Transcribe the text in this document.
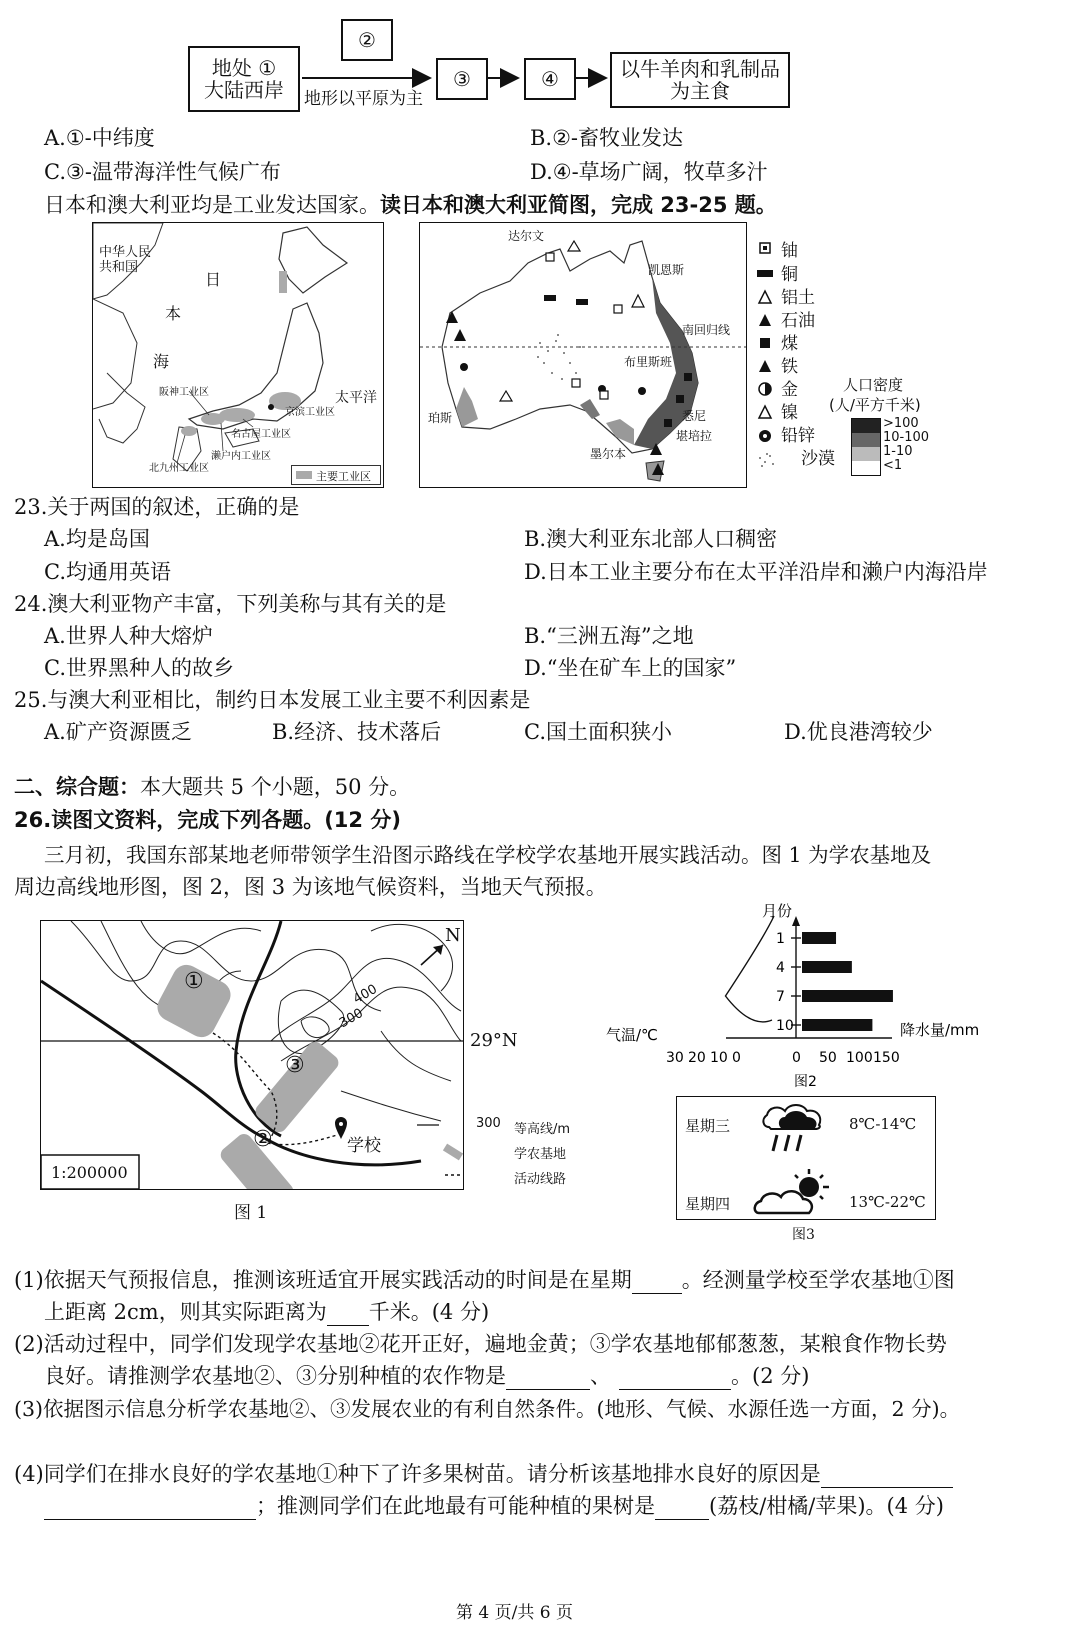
地处 ①
大陆西岸
②
地形以平原为主
③	④	以牛羊肉和乳制品
为主食
A.①-中纬度	B.②-畜牧业发达
C.③-温带海洋性气候广布	D.④-草场广阔，牧草多汁
日本和澳大利亚均是工业发达国家。读日本和澳大利亚简图，完成 23-25 题。
中华人民共和国
日
本
海
太平洋
阪神工业区
京滨工业区
名古屋工业区
濑户内工业区
北九州工业区
主要工业区
达尔文
凯恩斯
南回归线
布里斯班
珀斯	悉尼
堪培拉
墨尔本
铀
铜
铝土
石油
煤
铁
金
镍
铅锌
沙漠
人口密度
(人/平方千米)
>100
10-100
1-10
<1
23.关于两国的叙述，正确的是
A.均是岛国	B.澳大利亚东北部人口稠密
C.均通用英语	D.日本工业主要分布在太平洋沿岸和濑户内海沿岸
24.澳大利亚物产丰富，下列美称与其有关的是
A.世界人种大熔炉	B.“三洲五海”之地
C.世界黑种人的故乡	D.“坐在矿车上的国家”
25.与澳大利亚相比，制约日本发展工业主要不利因素是
A.矿产资源匮乏	B.经济、技术落后	C.国土面积狭小	D.优良港湾较少
二、综合题：本大题共 5 个小题，50 分。
26.读图文资料，完成下列各题。(12 分)
三月初，我国东部某地老师带领学生沿图示路线在学校学农基地开展实践活动。图 1 为学农基地及
周边高线地形图，图 2，图 3 为该地气候资料，当地天气预报。
①
③
②
400
300
N
学校
1:200000
29°N
300 等高线/m
学农基地
活动线路
图 1
月份
1
4
7
10
30 20 10 0	0 50 100 150
气温/℃	降水量/mm
图2
星期三	8℃-14℃
星期四	13℃-22℃
图3
(1)依据天气预报信息，推测该班适宜开展实践活动的时间是在星期 。经测量学校至学农基地①图
上距离 2cm，则其实际距离为 千米。(4 分)
(2)活动过程中，同学们发现学农基地②花开正好，遍地金黄；③学农基地郁郁葱葱，某粮食作物长势
良好。请推测学农基地②、③分别种植的农作物是	、	。(2 分)
(3)依据图示信息分析学农基地②、③发展农业的有利自然条件。(地形、气候、水源任选一方面，2 分)。
(4)同学们在排水良好的学农基地①种下了许多果树苗。请分析该基地排水良好的原因是
；推测同学们在此地最有可能种植的果树是	(荔枝/柑橘/苹果)。(4 分)
第 4 页/共 6 页
